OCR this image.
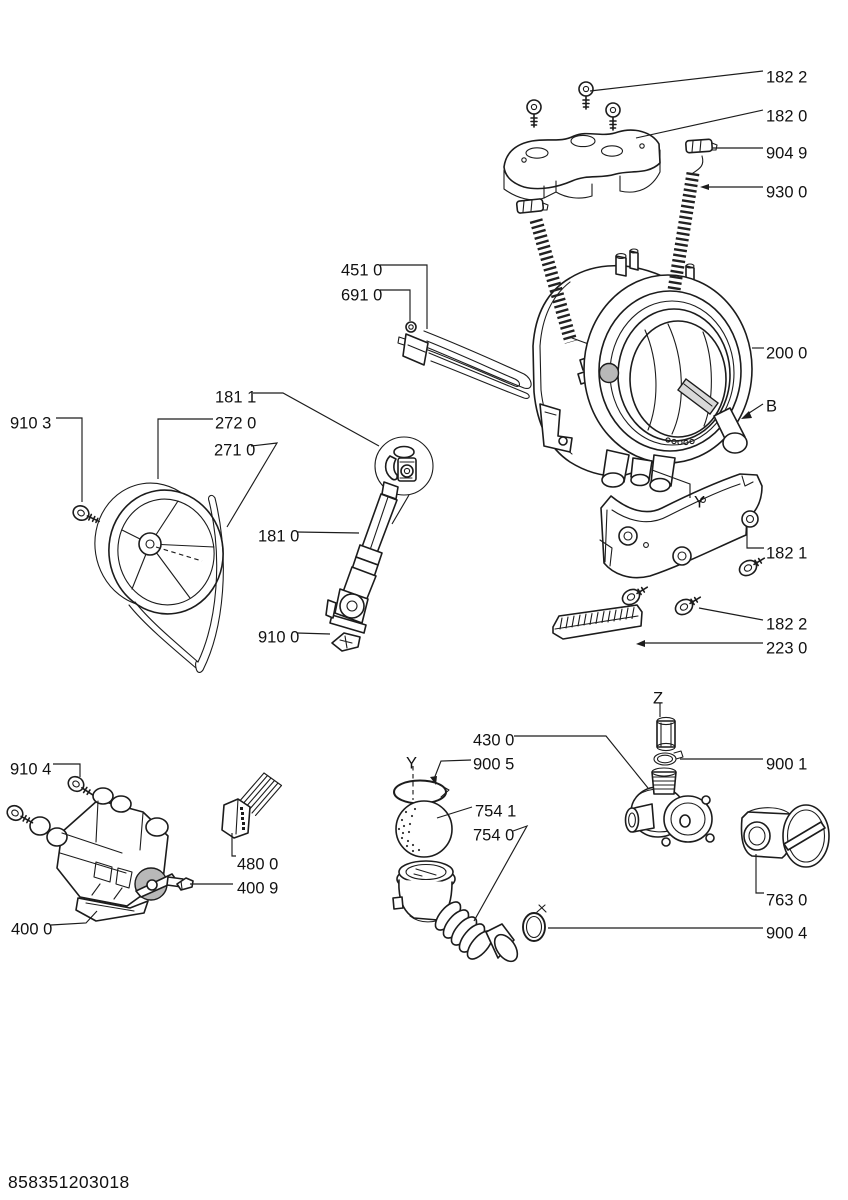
182 2
182 0
904 9
930 0
451 0
691 0
200 0
B
910 3
181 1
272 0
271 0
181 0
910 0
Y
182 1
182 2
223 0
910 4
400 0
480 0
400 9
430 0
900 5
Y
754 1
754 0
Z
900 1
763 0
900 4
858351203018
